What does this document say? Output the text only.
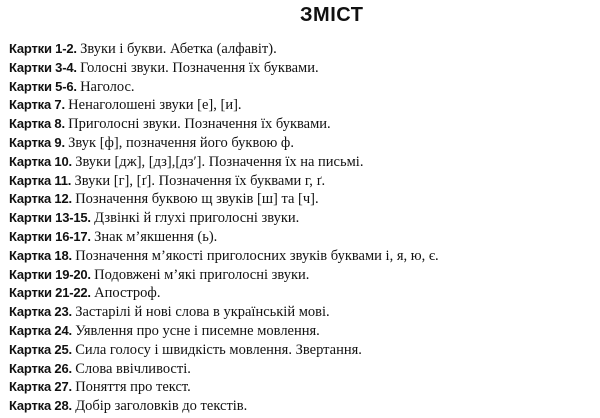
ЗМІСТ
Картки 1-2. Звуки і букви. Абетка (алфавіт).
Картки 3-4. Голосні звуки. Позначення їх буквами.
Картки 5-6. Наголос.
Картка 7. Ненаголошені звуки [е], [и].
Картка 8. Приголосні звуки. Позначення їх буквами.
Картка 9. Звук [ф], позначення його буквою ф.
Картка 10. Звуки [дж], [дз],[дз′]. Позначення їх на письмі.
Картка 11. Звуки [г], [ґ]. Позначення їх буквами г, ґ.
Картка 12. Позначення буквою щ звуків [ш] та [ч].
Картки 13-15. Дзвінкі й глухі приголосні звуки.
Картки 16-17. Знак м’якшення (ь).
Картка 18. Позначення м’якості приголосних звуків буквами і, я, ю, є.
Картки 19-20. Подовжені м’які приголосні звуки.
Картки 21-22. Апостроф.
Картка 23. Застарілі й нові слова в українській мові.
Картка 24. Уявлення про усне і писемне мовлення.
Картка 25. Сила голосу і швидкість мовлення. Звертання.
Картка 26. Слова ввічливості.
Картка 27. Поняття про текст.
Картка 28. Добір заголовків до текстів.
